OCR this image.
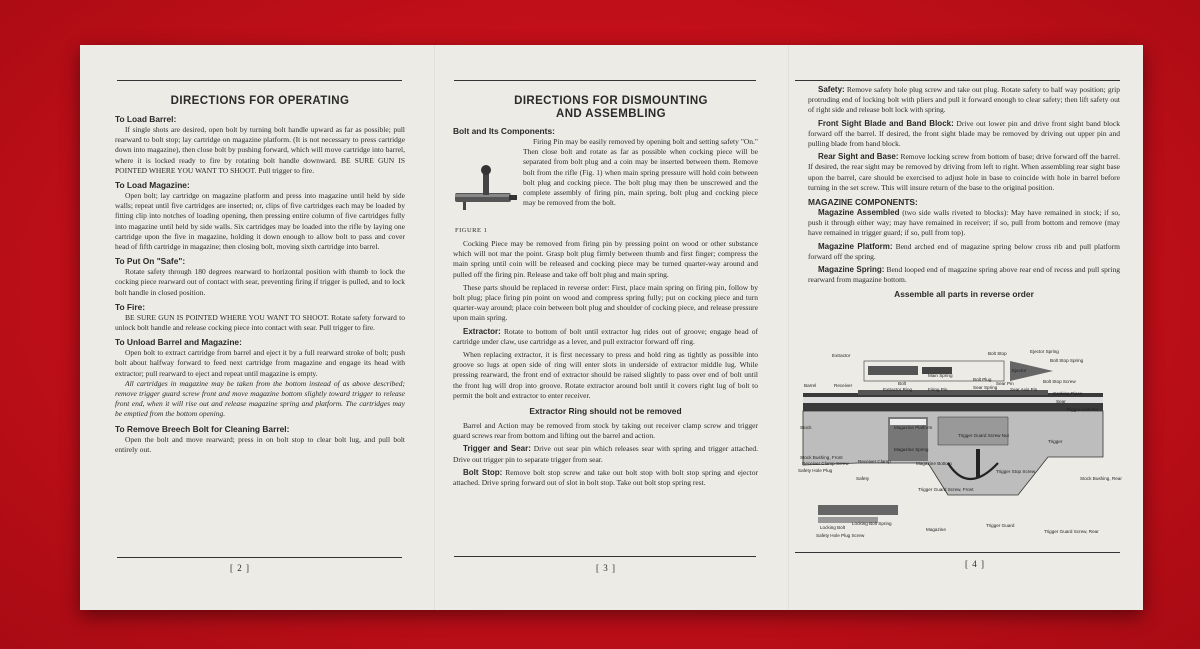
DIRECTIONS FOR OPERATING
To Load Barrel:

If single shots are desired, open bolt by turning bolt handle upward as far as possible; pull rearward to bolt stop; lay cartridge on magazine platform. (It is not necessary to press cartridge down into magazine), then close bolt by pushing forward, which will move cartridge into barrel, where it is locked ready to fire by rotating bolt handle downward. BE SURE GUN IS POINTED WHERE YOU WANT TO SHOOT. Pull trigger to fire.

To Load Magazine:

Open bolt; lay cartridge on magazine platform and press into magazine until held by side walls; repeat until five cartridges are inserted; or, clips of five cartridges each may be loaded by fitting clip into notches of loading opening, then pressing entire column of five cartridges fully into magazine until held by side walls. Six cartridges may be loaded into the rifle by laying one cartridge upon the five in magazine, holding it down enough to allow bolt to pass and cover head of fifth cartridge in magazine; then closing bolt, moving sixth cartridge into barrel.

To Put On "Safe":

Rotate safety through 180 degrees rearward to horizontal position with thumb to lock the cocking piece rearward out of contact with sear, preventing firing if trigger is pulled, and to lock bolt handle in closed position.

To Fire:

BE SURE GUN IS POINTED WHERE YOU WANT TO SHOOT. Rotate safety forward to unlock bolt handle and release cocking piece into contact with sear. Pull trigger to fire.

To Unload Barrel and Magazine:

Open bolt to extract cartridge from barrel and eject it by a full rearward stroke of bolt; push bolt about halfway forward to feed next cartridge from magazine and engage its head with extractor; pull rearward to eject and repeat until magazine is empty.

All cartridges in magazine may be taken from the bottom instead of as above described; remove trigger guard screw front and move magazine bottom slightly toward trigger to release front end, when it will rise out and release magazine spring and platform. The cartridges may be emptied from the bottom opening.

To Remove Breech Bolt for Cleaning Barrel:

Open the bolt and move rearward; press in on bolt stop to clear bolt lug, and pull bolt entirely out.

[ 2 ]
DIRECTIONS FOR DISMOUNTING
AND ASSEMBLING
Bolt and Its Components:
FIGURE 1

Firing Pin may be easily removed by opening bolt and setting safety "On." Then close bolt and rotate as far as possible when cocking piece will be separated from bolt plug and a coin may be inserted between them. Remove bolt from the rifle (Fig. 1) when main spring pressure will hold coin between bolt plug and cocking piece. The bolt plug may then be unscrewed and the complete assembly of firing pin, main spring, bolt plug and cocking piece may be removed from the bolt.

Cocking Piece may be removed from firing pin by pressing point on wood or other substance which will not mar the point. Grasp bolt plug firmly between thumb and first finger; compress the main spring until coin will be released and cocking piece may be turned quarter-way around and pulled off the firing pin. Release and take off bolt plug and main spring.

These parts should be replaced in reverse order: First, place main spring on firing pin, follow by bolt plug; place firing pin point on wood and compress spring fully; put on cocking piece and turn quarter-way around; place coin between bolt plug and shoulder of cocking piece, and release pressure upon main spring.

Extractor: Rotate to bottom of bolt until extractor lug rides out of groove; engage head of cartridge under claw, use cartridge as a lever, and pull extractor forward off ring.

When replacing extractor, it is first necessary to press and hold ring as tightly as possible into groove so lugs at open side of ring will enter slots in underside of extractor middle lug. While pressing rearward, the front end of extractor should be raised slightly to pass over end of bolt until the front lug will drop into groove. Rotate extractor around bolt until it covers right lug of bolt to permit the bolt and extractor to enter receiver.

Extractor Ring should not be removed

Barrel and Action may be removed from stock by taking out receiver clamp screw and trigger guard screws rear from bottom and lifting out the barrel and action.

Trigger and Sear: Drive out sear pin which releases sear with spring and trigger attached. Drive out trigger pin to separate trigger from sear.

Bolt Stop: Remove bolt stop screw and take out bolt stop with bolt stop spring and ejector attached. Drive spring forward out of slot in bolt stop. Take out bolt stop spring rest.

[ 3 ]

Safety: Remove safety hole plug screw and take out plug. Rotate safety to half way position; grip protruding end of locking bolt with pliers and pull it forward enough to clear safety; then lift safety out of right side and release bolt lock with spring.

Front Sight Blade and Band Block: Drive out lower pin and drive front sight band block forward off the barrel. If desired, the front sight blade may be removed by driving out upper pin and pulling blade from band block.

Rear Sight and Base: Remove locking screw from bottom of base; drive forward off the barrel. If desired, the rear sight may be removed by driving from left to right. When assembling rear sight base upon the barrel, care should be exercised to adjust hole in base to coincide with hole in barrel before turning in the set screw. This will insure return of the base to the original position.

MAGAZINE COMPONENTS:

Magazine Assembled (two side walls riveted to blocks): May have remained in stock; if so, push it through either way; may have remained in receiver; if so, pull from bottom and remove (may have remained in trigger guard; if so, pull from top).

Magazine Platform: Bend arched end of magazine spring below cross rib and pull platform forward off the spring.

Magazine Spring: Bend looped end of magazine spring above rear end of recess and pull spring rearward from magazine bottom.

Assemble all parts in reverse order
Extractor	Bolt Stop	Ejector Spring
Bolt Stop Spring
Bolt Stop Screw
Ejector
Main Spring
Bolt
Bolt Plug
Sear Pin
Sear Spring	Sear Axis Pin
Cocking Piece
Barrel	Receiver
Extractor Ring	Firing Pin
Sear
Trigger Axis Pin
Stock	Magazine Platform
Trigger Guard Screw Nut
Trigger
Magazine Spring
Stock Bushing, Front
Receiver Clamp Screw Receiver Clamp
Safety Hole Plug
Safety
Magazine Bottom
Trigger Stop Screw
Trigger Guard Screw, Front
Stock Bushing, Rear
Locking Bolt
Locking Bolt Spring
Magazine
Trigger Guard
Trigger Guard Screw, Rear
Safety Hole Plug Screw
[ 4 ]
